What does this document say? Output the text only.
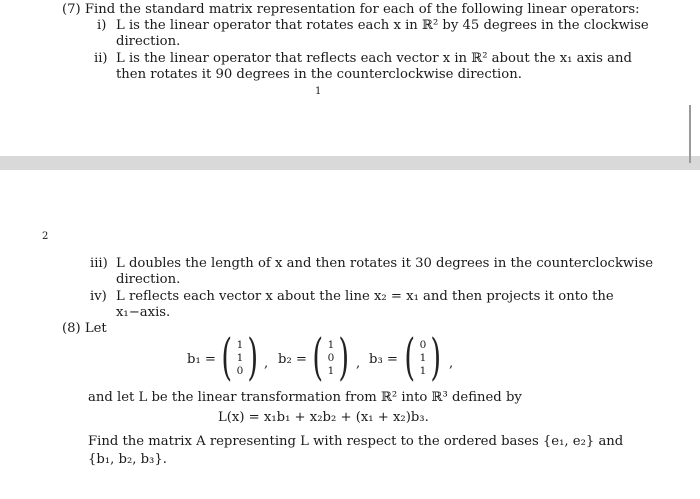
(7) Find the standard matrix representation for each of the following linear operators:
i) L is the linear operator that rotates each x in ℝ² by 45 degrees in the clockwise
direction.
ii) L is the linear operator that reflects each vector x in ℝ² about the x₁ axis and
then rotates it 90 degrees in the counterclockwise direction.
1
2
iii) L doubles the length of x and then rotates it 30 degrees in the counterclockwise
direction.
iv) L reflects each vector x about the line x₂ = x₁ and then projects it onto the
x₁−axis.
(8) Let
b₁ = ( 1
1
0 ) , b₂ = ( 1
0
1 ) , b₃ = ( 0
1
1 ) ,
and let L be the linear transformation from ℝ² into ℝ³ defined by
L(x) = x₁b₁ + x₂b₂ + (x₁ + x₂)b₃.
Find the matrix A representing L with respect to the ordered bases {e₁, e₂} and
{b₁, b₂, b₃}.
